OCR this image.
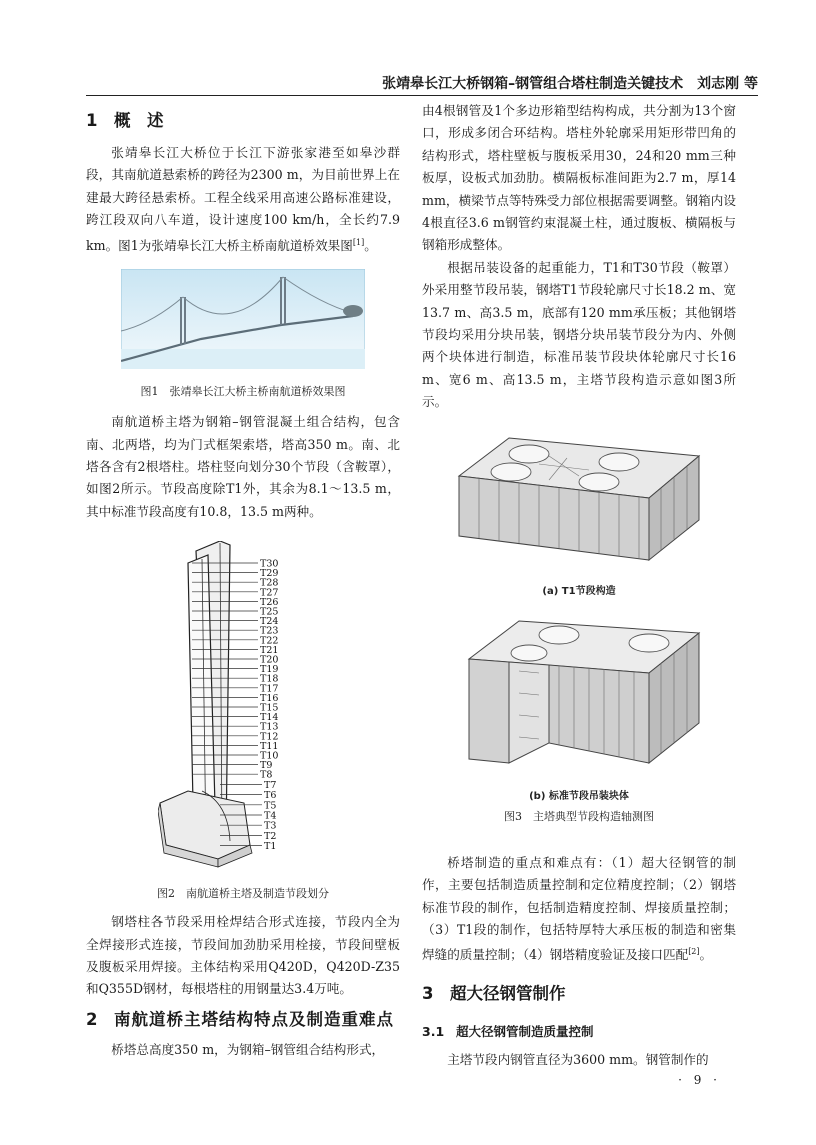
张靖皋长江大桥钢箱–钢管组合塔柱制造关键技术　刘志刚 等
1 概　述

张靖皋长江大桥位于长江下游张家港至如皋沙群段，其南航道悬索桥的跨径为2300 m，为目前世界上在建最大跨径悬索桥。工程全线采用高速公路标准建设，跨江段双向八车道，设计速度100 km/h，全长约7.9 km。图1为张靖皋长江大桥主桥南航道桥效果图[1]。

图1　张靖皋长江大桥主桥南航道桥效果图

南航道桥主塔为钢箱–钢管混凝土组合结构，包含南、北两塔，均为门式框架索塔，塔高350 m。南、北塔各含有2根塔柱。塔柱竖向划分30个节段（含鞍罩），如图2所示。节段高度除T1外，其余为8.1～13.5 m，其中标准节段高度有10.8，13.5 m两种。

T30
T29
T28
T27
T26
T25
T24
T23
T22
T21
T20
T19
T18
T17
T16
T15
T14
T13
T12
T11
T10
T9
T8
T7
T6
T5
T4
T3
T2
T1

图2　南航道桥主塔及制造节段划分

钢塔柱各节段采用栓焊结合形式连接，节段内全为全焊接形式连接，节段间加劲肋采用栓接，节段间壁板及腹板采用焊接。主体结构采用Q420D，Q420D-Z35和Q355D钢材，每根塔柱的用钢量达3.4万吨。

2	南航道桥主塔结构特点及制造重难点

桥塔总高度350 m，为钢箱–钢管组合结构形式，

由4根钢管及1个多边形箱型结构构成，共分割为13个窗口，形成多闭合环结构。塔柱外轮廓采用矩形带凹角的结构形式，塔柱壁板与腹板采用30，24和20 mm三种板厚，设板式加劲肋。横隔板标准间距为2.7 m，厚14 mm，横梁节点等特殊受力部位根据需要调整。钢箱内设4根直径3.6 m钢管约束混凝土柱，通过腹板、横隔板与钢箱形成整体。

根据吊装设备的起重能力，T1和T30节段（鞍罩）外采用整节段吊装，钢塔T1节段轮廓尺寸长18.2 m、宽13.7 m、高3.5 m，底部有120 mm承压板；其他钢塔节段均采用分块吊装，钢塔分块吊装节段分为内、外侧两个块体进行制造，标准吊装节段块体轮廓尺寸长16 m、宽6 m、高13.5 m，主塔节段构造示意如图3所示。

(a) T1节段构造

(b) 标准节段吊装块体

图3　主塔典型节段构造轴测图

桥塔制造的重点和难点有：（1）超大径钢管的制作，主要包括制造质量控制和定位精度控制；（2）钢塔标准节段的制作，包括制造精度控制、焊接质量控制；（3）T1段的制作，包括特厚特大承压板的制造和密集焊缝的质量控制；（4）钢塔精度验证及接口匹配[2]。

3 超大径钢管制作
3.1 超大径钢管制造质量控制

主塔节段内钢管直径为3600 mm。钢管制作的

· 9 ·
